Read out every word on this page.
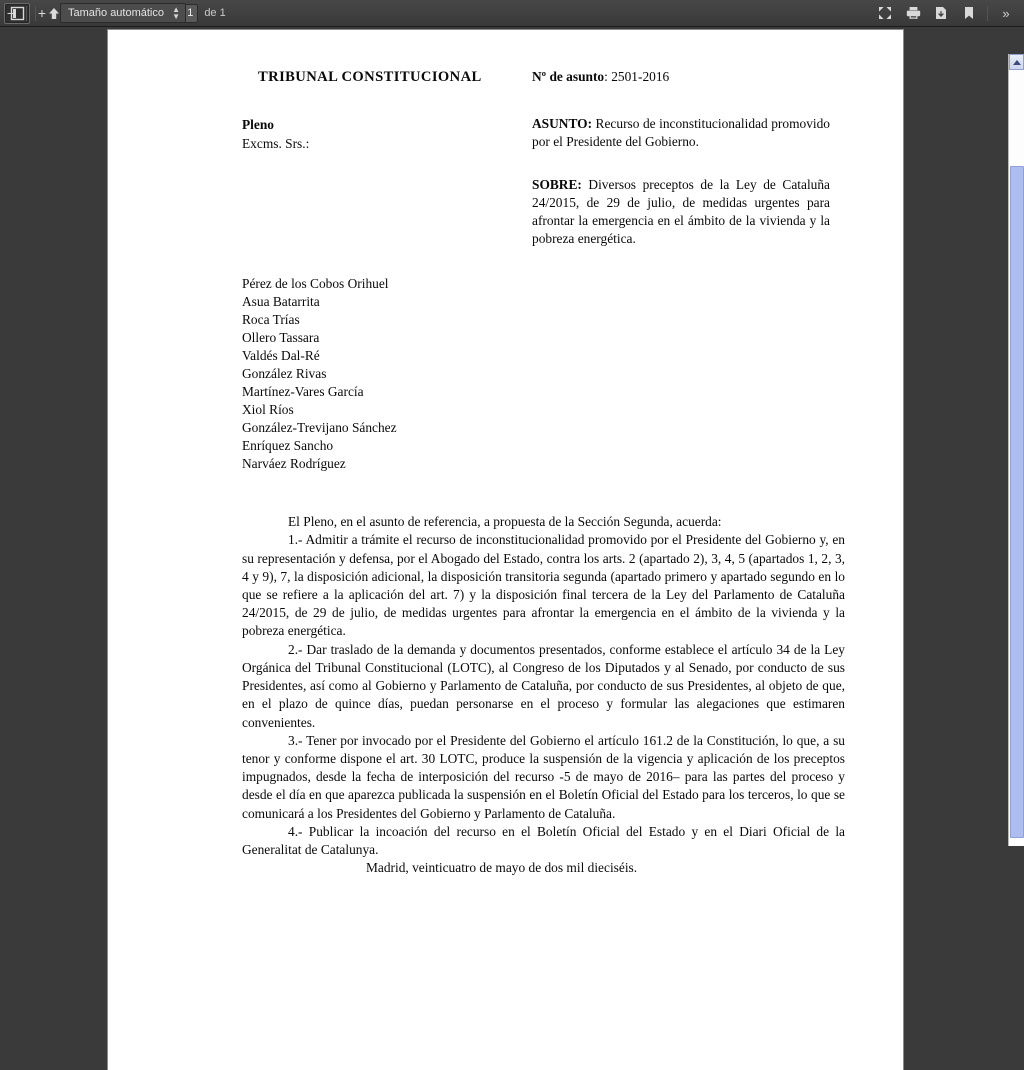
1
de 1
−	+
Tamaño automático	▲
▼	»
TRIBUNAL CONSTITUCIONAL
Pleno
Excms. Srs.:
Nº de asunto: 2501-2016
ASUNTO: Recurso de inconstitucionalidad promovido por el Presidente del Gobierno.
SOBRE: Diversos preceptos de la Ley de Cataluña 24/2015, de 29 de julio, de medidas urgentes para afrontar la emergencia en el ámbito de la vivienda y la pobreza energética.
Pérez de los Cobos Orihuel
Asua Batarrita
Roca Trías
Ollero Tassara
Valdés Dal-Ré
González Rivas
Martínez-Vares García
Xiol Ríos
González-Trevijano Sánchez
Enríquez Sancho
Narváez Rodríguez

El Pleno, en el asunto de referencia, a propuesta de la Sección Segunda, acuerda:

1.- Admitir a trámite el recurso de inconstitucionalidad promovido por el Presidente del Gobierno y, en su representación y defensa, por el Abogado del Estado, contra los arts. 2 (apartado 2), 3, 4, 5 (apartados 1, 2, 3, 4 y 9), 7, la disposición adicional, la disposición transitoria segunda (apartado primero y apartado segundo en lo que se refiere a la aplicación del art. 7) y la disposición final tercera de la Ley del Parlamento de Cataluña 24/2015, de 29 de julio, de medidas urgentes para afrontar la emergencia en el ámbito de la vivienda y la pobreza energética.

2.- Dar traslado de la demanda y documentos presentados, conforme establece el artículo 34 de la Ley Orgánica del Tribunal Constitucional (LOTC), al Congreso de los Diputados y al Senado, por conducto de sus Presidentes, así como al Gobierno y Parlamento de Cataluña, por conducto de sus Presidentes, al objeto de que, en el plazo de quince días, puedan personarse en el proceso y formular las alegaciones que estimaren convenientes.

3.- Tener por invocado por el Presidente del Gobierno el artículo 161.2 de la Constitución, lo que, a su tenor y conforme dispone el art. 30 LOTC, produce la suspensión de la vigencia y aplicación de los preceptos impugnados, desde la fecha de interposición del recurso -5 de mayo de 2016– para las partes del proceso y desde el día en que aparezca publicada la suspensión en el Boletín Oficial del Estado para los terceros, lo que se comunicará a los Presidentes del Gobierno y Parlamento de Cataluña.

4.- Publicar la incoación del recurso en el Boletín Oficial del Estado y en el Diari Oficial de la Generalitat de Catalunya.

Madrid, veinticuatro de mayo de dos mil dieciséis.
